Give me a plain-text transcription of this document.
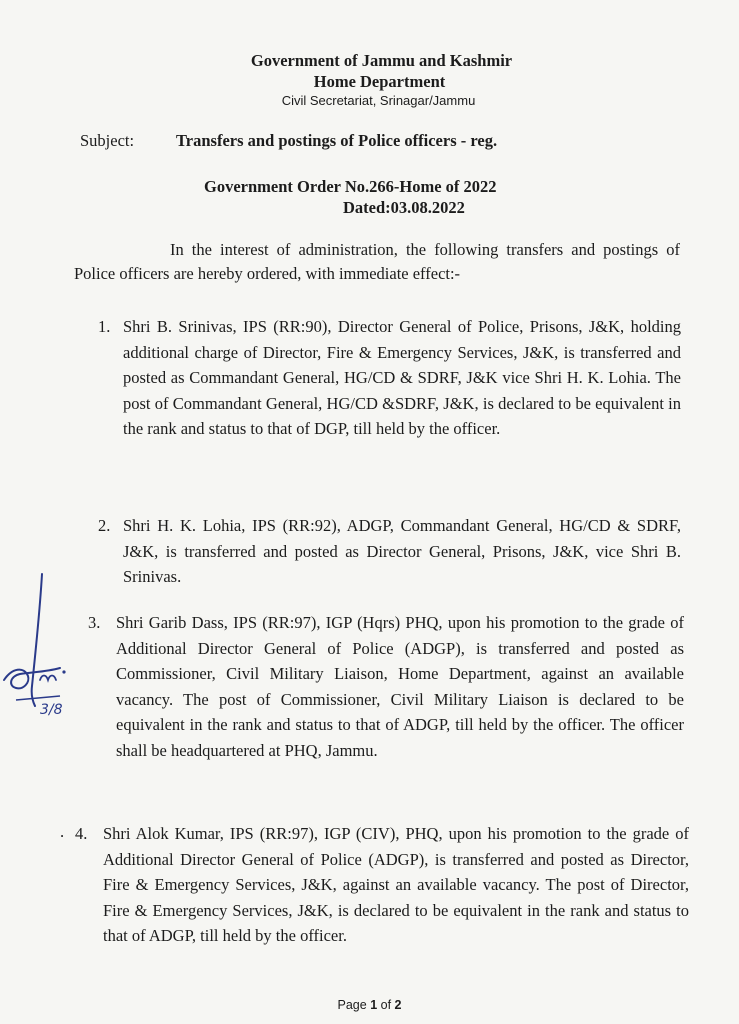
Government of Jammu and Kashmir
Home Department
Civil Secretariat, Srinagar/Jammu
Subject:	Transfers and postings of Police officers - reg.
Government Order No.266-Home of 2022
Dated:03.08.2022
In the interest of administration, the following transfers and postings of Police officers are hereby ordered, with immediate effect:-
1. Shri B. Srinivas, IPS (RR:90), Director General of Police, Prisons, J&K, holding additional charge of Director, Fire & Emergency Services, J&K, is transferred and posted as Commandant General, HG/CD & SDRF, J&K vice Shri H. K. Lohia. The post of Commandant General, HG/CD &SDRF, J&K, is declared to be equivalent in the rank and status to that of DGP, till held by the officer.
2. Shri H. K. Lohia, IPS (RR:92), ADGP, Commandant General, HG/CD & SDRF, J&K, is transferred and posted as Director General, Prisons, J&K, vice Shri B. Srinivas.
3. Shri Garib Dass, IPS (RR:97), IGP (Hqrs) PHQ, upon his promotion to the grade of Additional Director General of Police (ADGP), is transferred and posted as Commissioner, Civil Military Liaison, Home Department, against an available vacancy. The post of Commissioner, Civil Military Liaison is declared to be equivalent in the rank and status to that of ADGP, till held by the officer. The officer shall be headquartered at PHQ, Jammu.
. 4. Shri Alok Kumar, IPS (RR:97), IGP (CIV), PHQ, upon his promotion to the grade of Additional Director General of Police (ADGP), is transferred and posted as Director, Fire & Emergency Services, J&K, against an available vacancy. The post of Director, Fire & Emergency Services, J&K, is declared to be equivalent in the rank and status to that of ADGP, till held by the officer.
3/8
Page 1 of 2
